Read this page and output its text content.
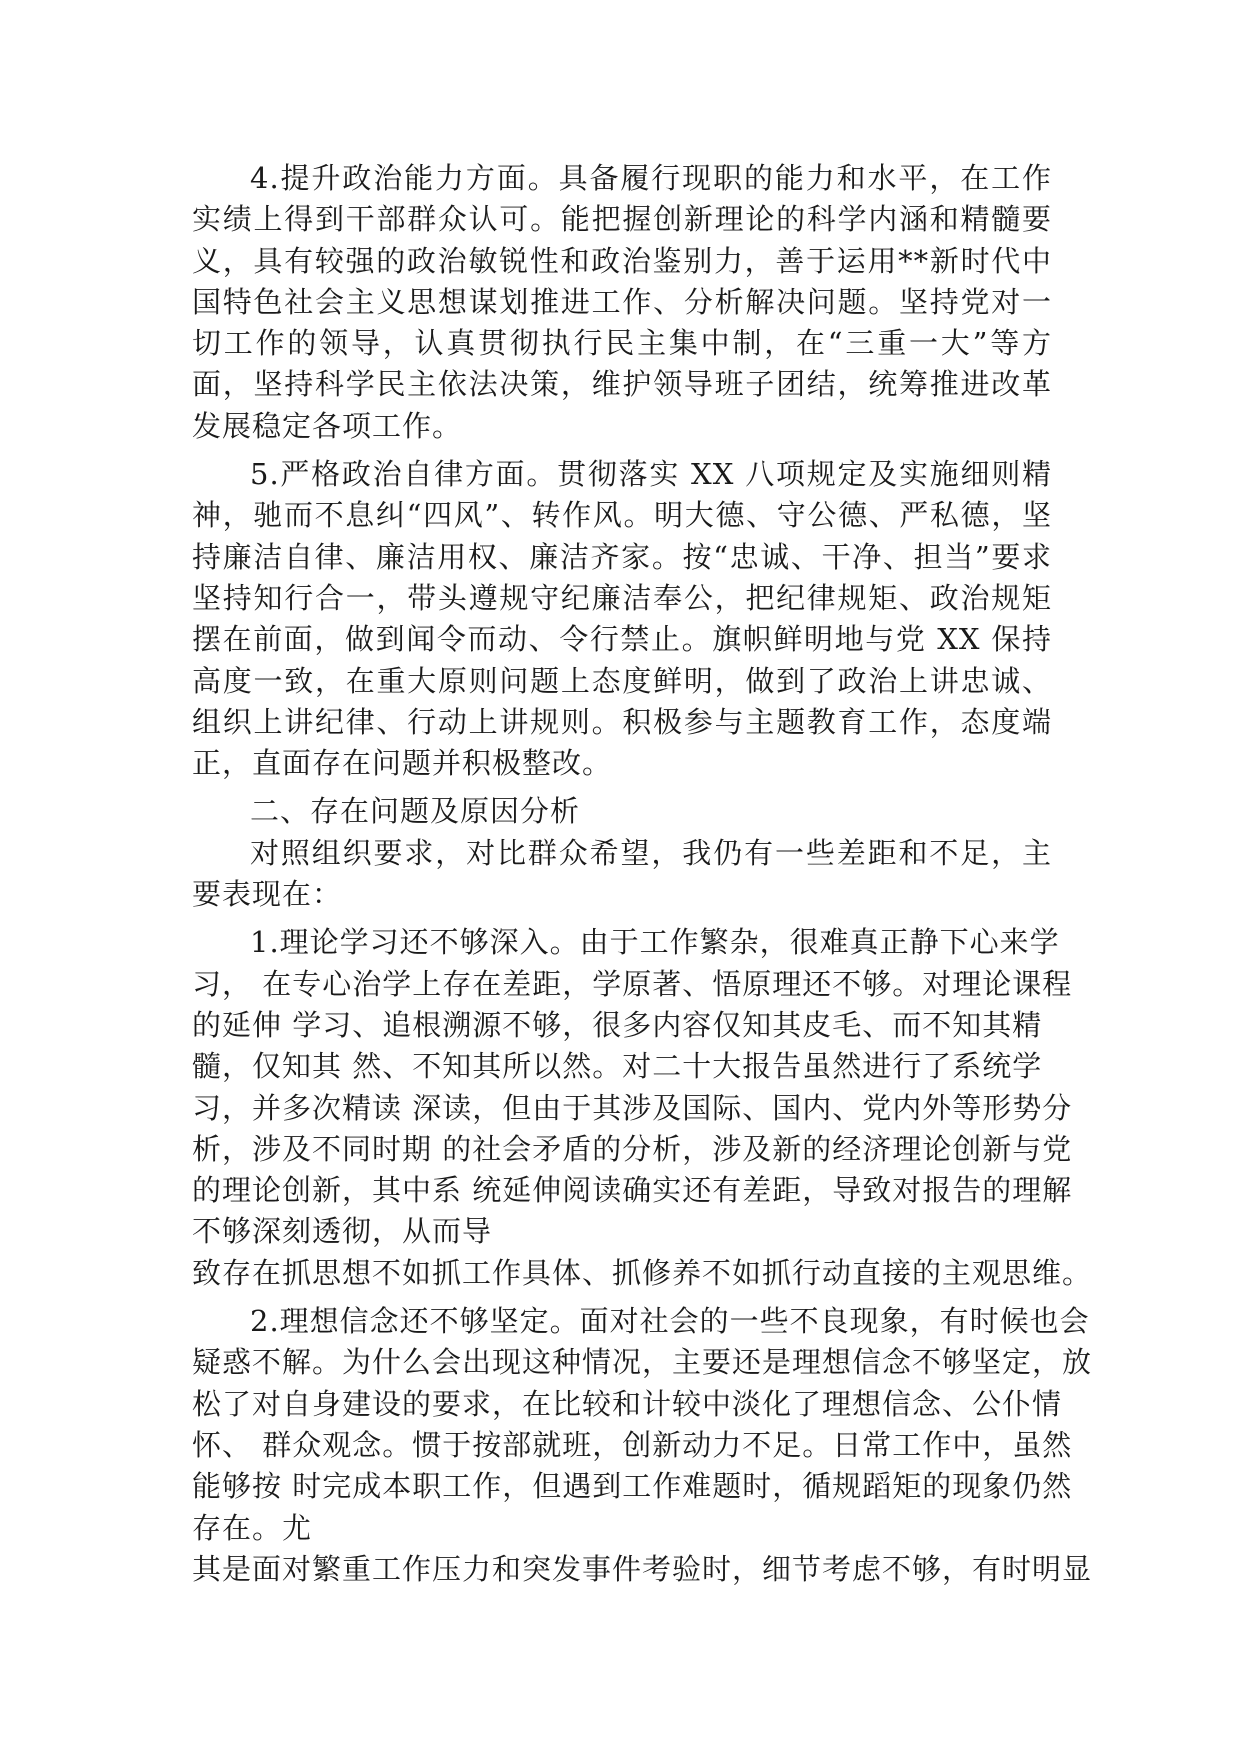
4.提升政治能力方面。具备履行现职的能力和水平，在工作实绩上得到干部群众认可。能把握创新理论的科学内涵和精髓要义，具有较强的政治敏锐性和政治鉴别力，善于运用**新时代中国特色社会主义思想谋划推进工作、分析解决问题。坚持党对一切工作的领导，认真贯彻执行民主集中制，在“三重一大”等方面，坚持科学民主依法决策，维护领导班子团结，统筹推进改革发展稳定各项工作。

5.严格政治自律方面。贯彻落实 XX 八项规定及实施细则精神，驰而不息纠“四风”、转作风。明大德、守公德、严私德，坚持廉洁自律、廉洁用权、廉洁齐家。按“忠诚、干净、担当”要求坚持知行合一，带头遵规守纪廉洁奉公，把纪律规矩、政治规矩摆在前面，做到闻令而动、令行禁止。旗帜鲜明地与党 XX 保持高度一致，在重大原则问题上态度鲜明，做到了政治上讲忠诚、组织上讲纪律、行动上讲规则。积极参与主题教育工作，态度端正，直面存在问题并积极整改。

二、存在问题及原因分析

对照组织要求，对比群众希望，我仍有一些差距和不足，主要表现在：

1.理论学习还不够深入。由于工作繁杂，很难真正静下心来学
习， 在专心治学上存在差距，学原著、悟原理还不够。对理论课程
的延伸 学习、追根溯源不够，很多内容仅知其皮毛、而不知其精
髓，仅知其 然、不知其所以然。对二十大报告虽然进行了系统学
习，并多次精读 深读，但由于其涉及国际、国内、党内外等形势分
析，涉及不同时期 的社会矛盾的分析，涉及新的经济理论创新与党
的理论创新，其中系 统延伸阅读确实还有差距，导致对报告的理解
不够深刻透彻，从而导
致存在抓思想不如抓工作具体、抓修养不如抓行动直接的主观思维。
2.理想信念还不够坚定。面对社会的一些不良现象，有时候也会
疑惑不解。为什么会出现这种情况，主要还是理想信念不够坚定，放
松了对自身建设的要求，在比较和计较中淡化了理想信念、公仆情
怀、 群众观念。惯于按部就班，创新动力不足。日常工作中，虽然
能够按 时完成本职工作，但遇到工作难题时，循规蹈矩的现象仍然
存在。尤
其是面对繁重工作压力和突发事件考验时，细节考虑不够，有时明显
